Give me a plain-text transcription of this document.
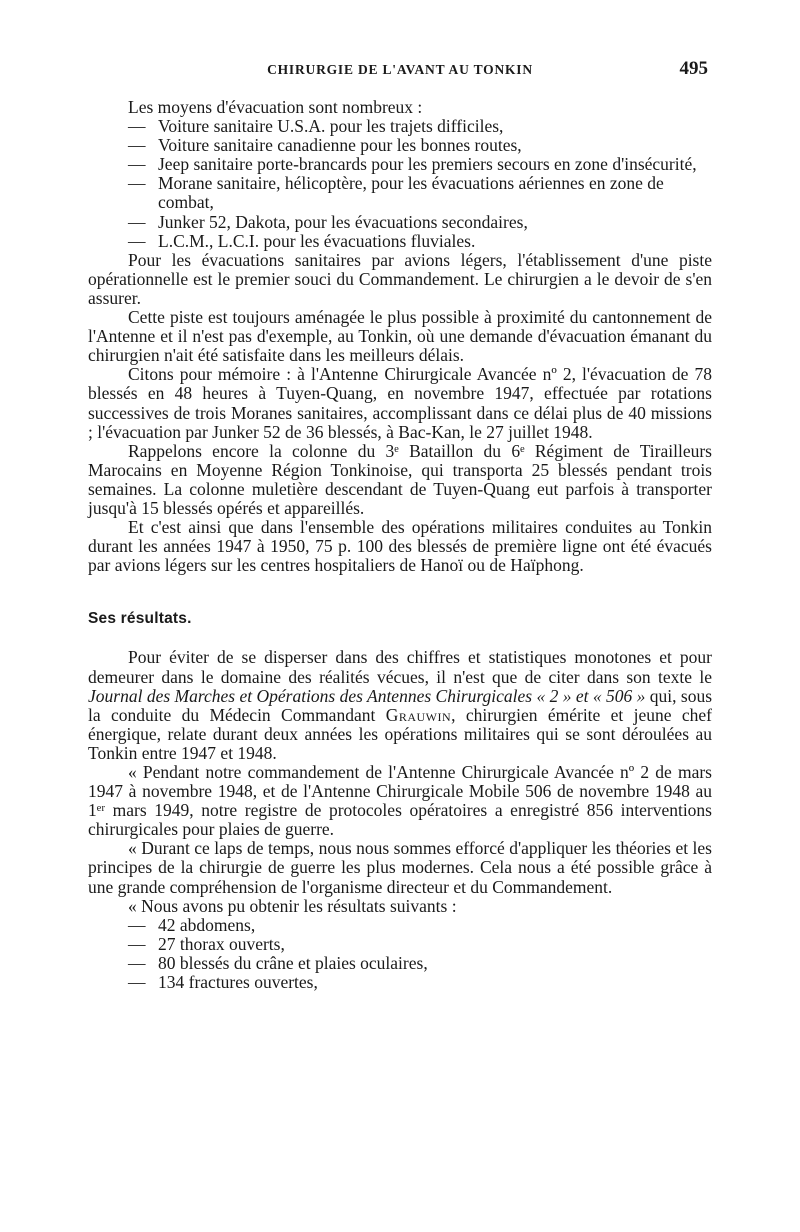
CHIRURGIE DE L'AVANT AU TONKIN	495

Les moyens d'évacuation sont nombreux :

— Voiture sanitaire U.S.A. pour les trajets difficiles,
— Voiture sanitaire canadienne pour les bonnes routes,
— Jeep sanitaire porte-brancards pour les premiers secours en zone d'insécurité,
— Morane sanitaire, hélicoptère, pour les évacuations aériennes en zone de combat,
— Junker 52, Dakota, pour les évacuations secondaires,
— L.C.M., L.C.I. pour les évacuations fluviales.

Pour les évacuations sanitaires par avions légers, l'établissement d'une piste opérationnelle est le premier souci du Commandement. Le chirurgien a le devoir de s'en assurer.

Cette piste est toujours aménagée le plus possible à proximité du cantonnement de l'Antenne et il n'est pas d'exemple, au Tonkin, où une demande d'évacuation émanant du chirurgien n'ait été satisfaite dans les meilleurs délais.

Citons pour mémoire : à l'Antenne Chirurgicale Avancée nº 2, l'évacuation de 78 blessés en 48 heures à Tuyen-Quang, en novembre 1947, effectuée par rotations successives de trois Moranes sanitaires, accomplissant dans ce délai plus de 40 missions ; l'évacuation par Junker 52 de 36 blessés, à Bac-Kan, le 27 juillet 1948.

Rappelons encore la colonne du 3ᵉ Bataillon du 6ᵉ Régiment de Tirailleurs Marocains en Moyenne Région Tonkinoise, qui transporta 25 blessés pendant trois semaines. La colonne muletière descendant de Tuyen-Quang eut parfois à transporter jusqu'à 15 blessés opérés et appareillés.

Et c'est ainsi que dans l'ensemble des opérations militaires conduites au Tonkin durant les années 1947 à 1950, 75 p. 100 des blessés de première ligne ont été évacués par avions légers sur les centres hospitaliers de Hanoï ou de Haïphong.

Ses résultats.

Pour éviter de se disperser dans des chiffres et statistiques monotones et pour demeurer dans le domaine des réalités vécues, il n'est que de citer dans son texte le Journal des Marches et Opérations des Antennes Chirurgicales « 2 » et « 506 » qui, sous la conduite du Médecin Commandant Grauwin, chirurgien émérite et jeune chef énergique, relate durant deux années les opérations militaires qui se sont déroulées au Tonkin entre 1947 et 1948.

« Pendant notre commandement de l'Antenne Chirurgicale Avancée nº 2 de mars 1947 à novembre 1948, et de l'Antenne Chirurgicale Mobile 506 de novembre 1948 au 1ᵉʳ mars 1949, notre registre de protocoles opératoires a enregistré 856 interventions chirurgicales pour plaies de guerre.

« Durant ce laps de temps, nous nous sommes efforcé d'appliquer les théories et les principes de la chirurgie de guerre les plus modernes. Cela nous a été possible grâce à une grande compréhension de l'organisme directeur et du Commandement.

« Nous avons pu obtenir les résultats suivants :

— 42 abdomens,
— 27 thorax ouverts,
— 80 blessés du crâne et plaies oculaires,
— 134 fractures ouvertes,
